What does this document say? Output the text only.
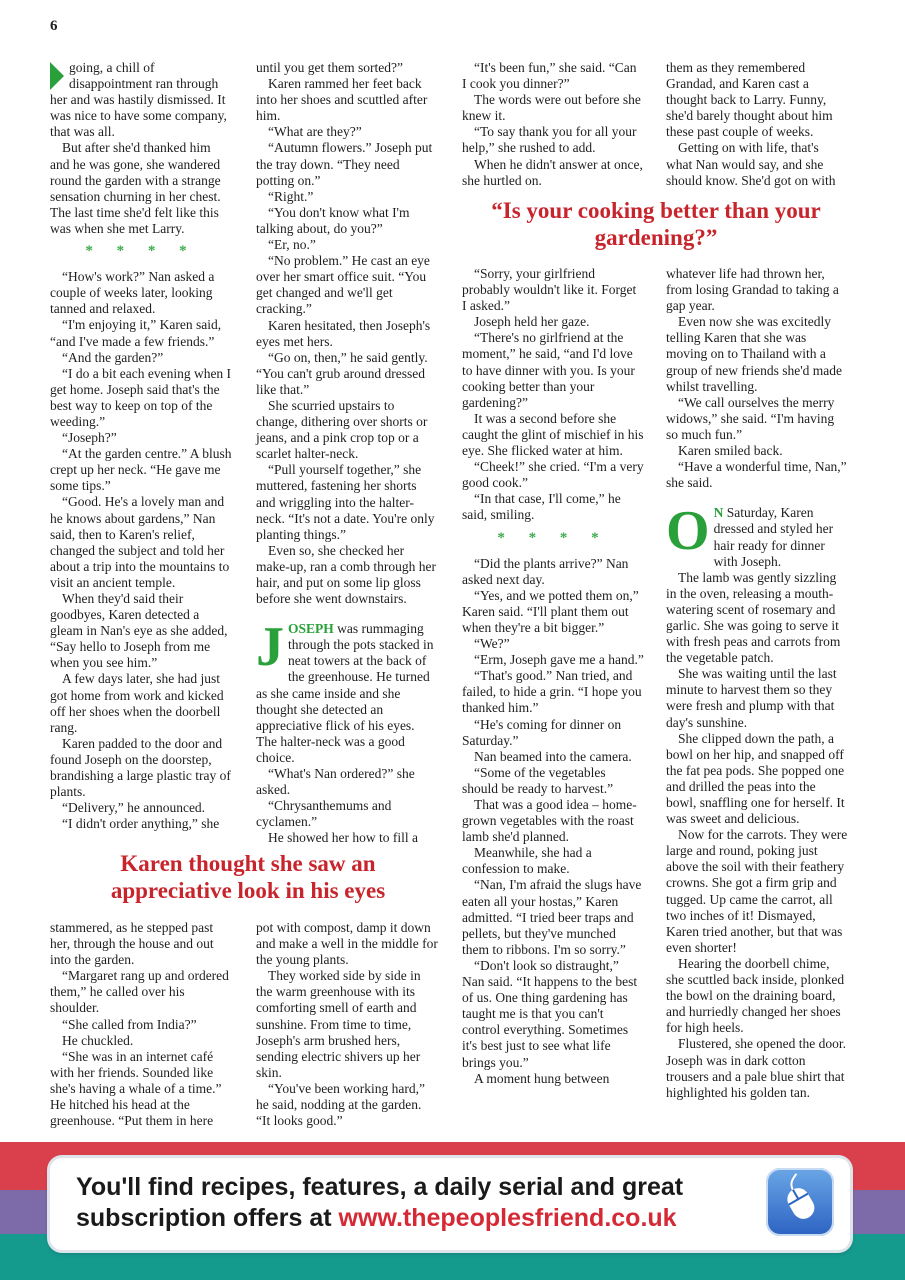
6

going, a chill of disappointment ran through her and was hastily dismissed. It was nice to have some company, that was all.

But after she'd thanked him and he was gone, she wandered round the garden with a strange sensation churning in her chest. The last time she'd felt like this was when she met Larry.

* * * *

“How's work?” Nan asked a couple of weeks later, looking tanned and relaxed.

“I'm enjoying it,” Karen said, “and I've made a few friends.”

“And the garden?”

“I do a bit each evening when I get home. Joseph said that's the best way to keep on top of the weeding.”

“Joseph?”

“At the garden centre.” A blush crept up her neck. “He gave me some tips.”

“Good. He's a lovely man and he knows about gardens,” Nan said, then to Karen's relief, changed the subject and told her about a trip into the mountains to visit an ancient temple.

When they'd said their goodbyes, Karen detected a gleam in Nan's eye as she added, “Say hello to Joseph from me when you see him.”

A few days later, she had just got home from work and kicked off her shoes when the doorbell rang.

Karen padded to the door and found Joseph on the doorstep, brandishing a large plastic tray of plants.

“Delivery,” he announced.

“I didn't order anything,” she

until you get them sorted?”

Karen rammed her feet back into her shoes and scuttled after him.

“What are they?”

“Autumn flowers.” Joseph put the tray down. “They need potting on.”

“Right.”

“You don't know what I'm talking about, do you?”

“Er, no.”

“No problem.” He cast an eye over her smart office suit. “You get changed and we'll get cracking.”

Karen hesitated, then Joseph's eyes met hers.

“Go on, then,” he said gently. “You can't grub around dressed like that.”

She scurried upstairs to change, dithering over shorts or jeans, and a pink crop top or a scarlet halter-neck.

“Pull yourself together,” she muttered, fastening her shorts and wriggling into the halter-neck. “It's not a date. You're only planting things.”

Even so, she checked her make-up, ran a comb through her hair, and put on some lip gloss before she went downstairs.

JOSEPH was rummaging through the pots stacked in neat towers at the back of the greenhouse. He turned as she came inside and she thought she detected an appreciative flick of his eyes. The halter-neck was a good choice.

“What's Nan ordered?” she asked.

“Chrysanthemums and cyclamen.”

He showed her how to fill a

Karen thought she saw an appreciative look in his eyes

stammered, as he stepped past her, through the house and out into the garden.

“Margaret rang up and ordered them,” he called over his shoulder.

“She called from India?”

He chuckled.

“She was in an internet café with her friends. Sounded like she's having a whale of a time.” He hitched his head at the greenhouse. “Put them in here

pot with compost, damp it down and make a well in the middle for the young plants.

They worked side by side in the warm greenhouse with its comforting smell of earth and sunshine. From time to time, Joseph's arm brushed hers, sending electric shivers up her skin.

“You've been working hard,” he said, nodding at the garden. “It looks good.”

“It's been fun,” she said. “Can I cook you dinner?”

The words were out before she knew it.

“To say thank you for all your help,” she rushed to add.

When he didn't answer at once, she hurtled on.

them as they remembered Grandad, and Karen cast a thought back to Larry. Funny, she'd barely thought about him these past couple of weeks.

Getting on with life, that's what Nan would say, and she should know. She'd got on with

“Is your cooking better than your gardening?”

“Sorry, your girlfriend probably wouldn't like it. Forget I asked.”

Joseph held her gaze.

“There's no girlfriend at the moment,” he said, “and I'd love to have dinner with you. Is your cooking better than your gardening?”

It was a second before she caught the glint of mischief in his eye. She flicked water at him.

“Cheek!” she cried. “I'm a very good cook.”

“In that case, I'll come,” he said, smiling.

* * * *

“Did the plants arrive?” Nan asked next day.

“Yes, and we potted them on,” Karen said. “I'll plant them out when they're a bit bigger.”

“We?”

“Erm, Joseph gave me a hand.”

“That's good.” Nan tried, and failed, to hide a grin. “I hope you thanked him.”

“He's coming for dinner on Saturday.”

Nan beamed into the camera.

“Some of the vegetables should be ready to harvest.”

That was a good idea – home-grown vegetables with the roast lamb she'd planned.

Meanwhile, she had a confession to make.

“Nan, I'm afraid the slugs have eaten all your hostas,” Karen admitted. “I tried beer traps and pellets, but they've munched them to ribbons. I'm so sorry.”

“Don't look so distraught,” Nan said. “It happens to the best of us. One thing gardening has taught me is that you can't control everything. Sometimes it's best just to see what life brings you.”

A moment hung between

whatever life had thrown her, from losing Grandad to taking a gap year.

Even now she was excitedly telling Karen that she was moving on to Thailand with a group of new friends she'd made whilst travelling.

“We call ourselves the merry widows,” she said. “I'm having so much fun.”

Karen smiled back.

“Have a wonderful time, Nan,” she said.

O N Saturday, Karen dressed and styled her hair ready for dinner with Joseph.

The lamb was gently sizzling in the oven, releasing a mouth-watering scent of rosemary and garlic. She was going to serve it with fresh peas and carrots from the vegetable patch.

She was waiting until the last minute to harvest them so they were fresh and plump with that day's sunshine.

She clipped down the path, a bowl on her hip, and snapped off the fat pea pods. She popped one and drilled the peas into the bowl, snaffling one for herself. It was sweet and delicious.

Now for the carrots. They were large and round, poking just above the soil with their feathery crowns. She got a firm grip and tugged. Up came the carrot, all two inches of it! Dismayed, Karen tried another, but that was even shorter!

Hearing the doorbell chime, she scuttled back inside, plonked the bowl on the draining board, and hurriedly changed her shoes for high heels.

Flustered, she opened the door. Joseph was in dark cotton trousers and a pale blue shirt that highlighted his golden tan.

You'll find recipes, features, a daily serial and great subscription offers at www.thepeoplesfriend.co.uk
